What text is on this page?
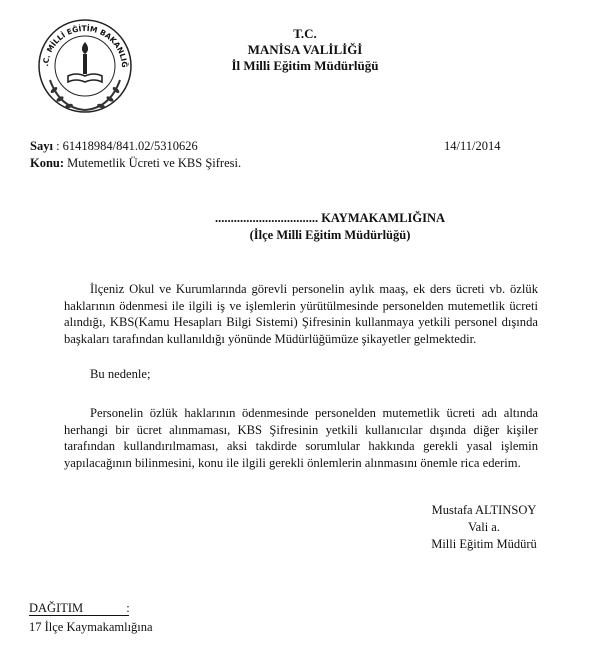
.C. MİLLİ EĞİTİM BAKANLIĞ
T.C.
MANİSA VALİLİĞİ
İl Milli Eğitim Müdürlüğü
Sayı : 61418984/841.02/5310626
Konu: Mutemetlik Ücreti ve KBS Şifresi.
14/11/2014
................................. KAYMAKAMLIĞINA
(İlçe Milli Eğitim Müdürlüğü)

İlçeniz Okul ve Kurumlarında görevli personelin aylık maaş, ek ders ücreti vb. özlük haklarının ödenmesi ile ilgili iş ve işlemlerin yürütülmesinde personelden mutemetlik ücreti alındığı, KBS(Kamu Hesapları Bilgi Sistemi) Şifresinin kullanmaya yetkili personel dışında başkaları tarafından kullanıldığı yönünde Müdürlüğümüze şikayetler gelmektedir.

Bu nedenle;

Personelin özlük haklarının ödenmesinde personelden mutemetlik ücreti adı altında herhangi bir ücret alınmaması, KBS Şifresinin yetkili kullanıcılar dışında diğer kişiler tarafından kullandırılmaması, aksi takdirde sorumlular hakkında gerekli yasal işlemin yapılacağının bilinmesini, konu ile ilgili gerekli önlemlerin alınmasını önemle rica ederim.

Mustafa ALTINSOY
Vali a.
Milli Eğitim Müdürü
DAĞITIM	:
17 İlçe Kaymakamlığına
